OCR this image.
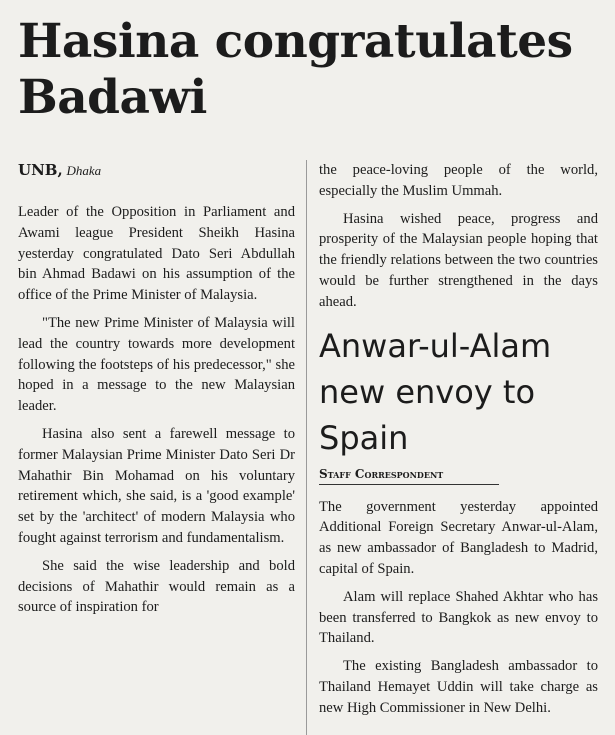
Hasina congratulates Badawi
UNB, Dhaka

Leader of the Opposition in Parliament and Awami league President Sheikh Hasina yesterday congratulated Dato Seri Abdullah bin Ahmad Badawi on his assumption of the office of the Prime Minister of Malaysia.

"The new Prime Minister of Malaysia will lead the country towards more development following the footsteps of his predecessor," she hoped in a message to the new Malaysian leader.

Hasina also sent a farewell message to former Malaysian Prime Minister Dato Seri Dr Mahathir Bin Mohamad on his voluntary retirement which, she said, is a 'good example' set by the 'architect' of modern Malaysia who fought against terrorism and fundamentalism.

She said the wise leadership and bold decisions of Mahathir would remain as a source of inspiration for

the peace-loving people of the world, especially the Muslim Ummah.

Hasina wished peace, progress and prosperity of the Malaysian people hoping that the friendly relations between the two countries would be further strengthened in the days ahead.

Anwar-ul-Alam new envoy to Spain
Staff Correspondent

The government yesterday appointed Additional Foreign Secretary Anwar-ul-Alam, as new ambassador of Bangladesh to Madrid, capital of Spain.

Alam will replace Shahed Akhtar who has been transferred to Bangkok as new envoy to Thailand.

The existing Bangladesh ambassador to Thailand Hemayet Uddin will take charge as new High Commissioner in New Delhi.
